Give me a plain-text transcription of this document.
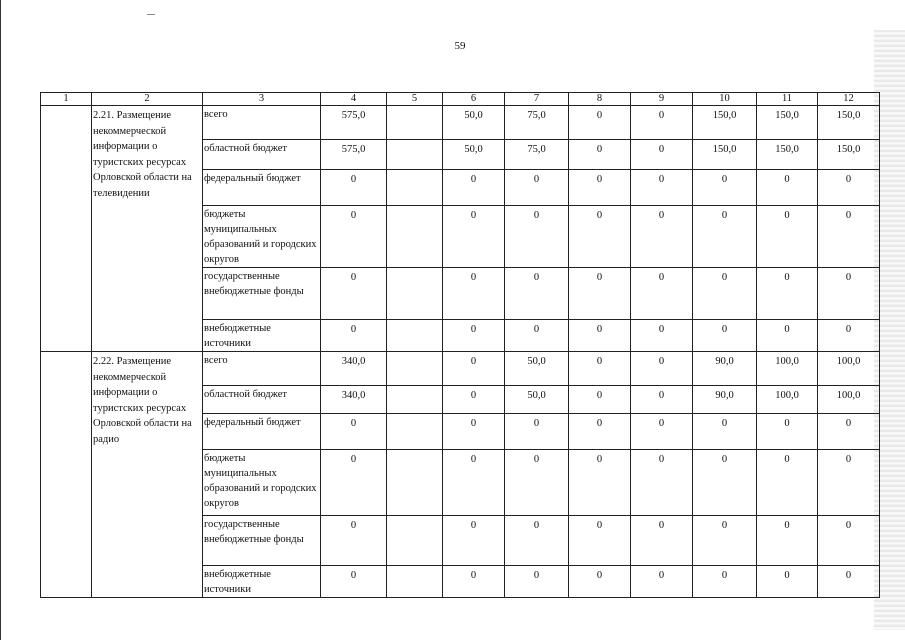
59
1	2	3	4	5	6	7	8	9	10	11	12
	2.21. Размещение некоммерческой информации о туристских ресурсах Орловской области на телевидении	всего	575,0		50,0	75,0	0	0	150,0	150,0	150,0
		областной бюджет	575,0		50,0	75,0	0	0	150,0	150,0	150,0
		федеральный бюджет	0		0	0	0	0	0	0	0
		бюджеты муниципальных образований и городских округов	0		0	0	0	0	0	0	0
		государственные внебюджетные фонды	0		0	0	0	0	0	0	0
		внебюджетные источники	0		0	0	0	0	0	0	0
	2.22. Размещение некоммерческой информации о туристских ресурсах Орловской области на радио	всего	340,0		0	50,0	0	0	90,0	100,0	100,0
		областной бюджет	340,0		0	50,0	0	0	90,0	100,0	100,0
		федеральный бюджет	0		0	0	0	0	0	0	0
		бюджеты муниципальных образований и городских округов	0		0	0	0	0	0	0	0
		государственные внебюджетные фонды	0		0	0	0	0	0	0	0
		внебюджетные источники	0		0	0	0	0	0	0	0
